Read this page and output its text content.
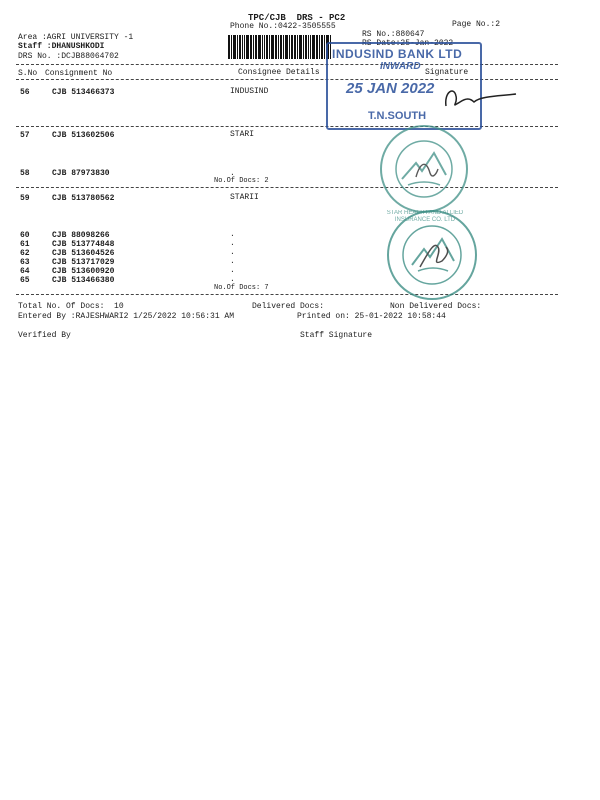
TPC/CJB  DRS - PC2
Phone No.:0422-3505555	Page No.:2
Area :AGRI UNIVERSITY -1
Staff :DHANUSHKODI
DRS No. :DCJB88064702
RS No.:880647
RS Date:25-Jan-2022
S.No Consignment No	Consignee Details	Signature
56	CJB 513466373	INDUSIND
57	CJB 513602506	STARI
58	CJB 87973830	.
No.Of Docs: 2
59	CJB 513780562	STARII
60	CJB 88098266	.
61	CJB 513774848	.
62	CJB 513604526	.
63	CJB 513717029	.
64	CJB 513600920	.
65	CJB 513466380	.
No.Of Docs: 7
Total No. Of Docs:  10	Delivered Docs:	Non Delivered Docs:
Entered By :RAJESHWARI2 1/25/2022 10:56:31 AM	Printed on: 25-01-2022 10:58:44
Verified By	Staff Signature
INDUSIND BANK LTD
INWARD
25 JAN 2022
T.N.SOUTH
STAR HEALTH AND ALLIED INSURANCE CO. LTD
